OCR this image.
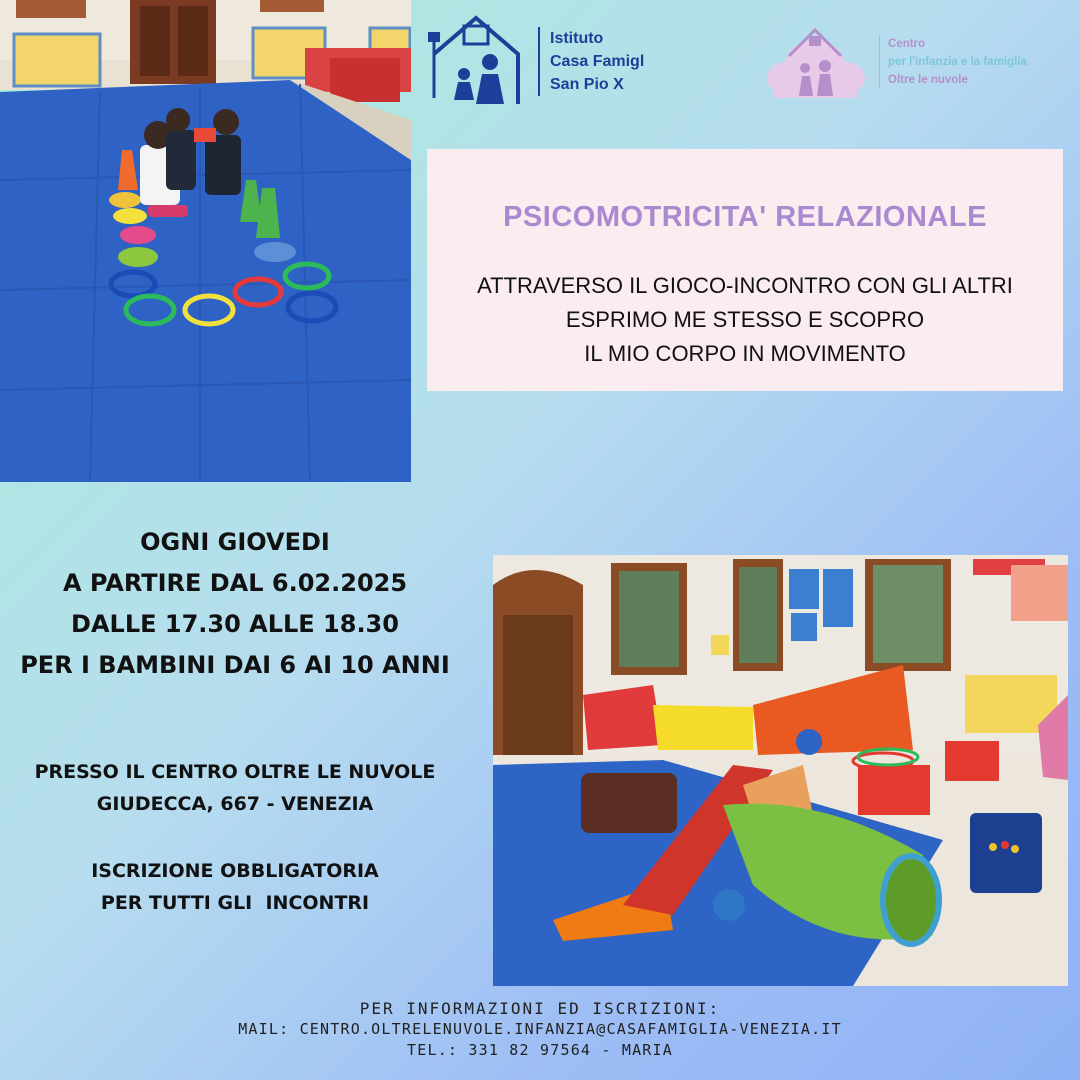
Istituto
Casa Famigl
San Pio X
Centro
per l'infanzia e la famiglia
Oltre le nuvole
PSICOMOTRICITA' RELAZIONALE
ATTRAVERSO IL GIOCO-INCONTRO CON GLI ALTRI
ESPRIMO ME STESSO E SCOPRO
IL MIO CORPO IN MOVIMENTO
OGNI GIOVEDI
A PARTIRE DAL 6.02.2025
DALLE 17.30 ALLE 18.30
PER I BAMBINI DAI 6 AI 10 ANNI
PRESSO IL CENTRO OLTRE LE NUVOLE
GIUDECCA, 667 - VENEZIA
ISCRIZIONE OBBLIGATORIA
PER TUTTI GLI  INCONTRI
PER INFORMAZIONI ED ISCRIZIONI:
MAIL: CENTRO.OLTRELENUVOLE.INFANZIA@CASAFAMIGLIA-VENEZIA.IT
TEL.: 331 82 97564 - MARIA
